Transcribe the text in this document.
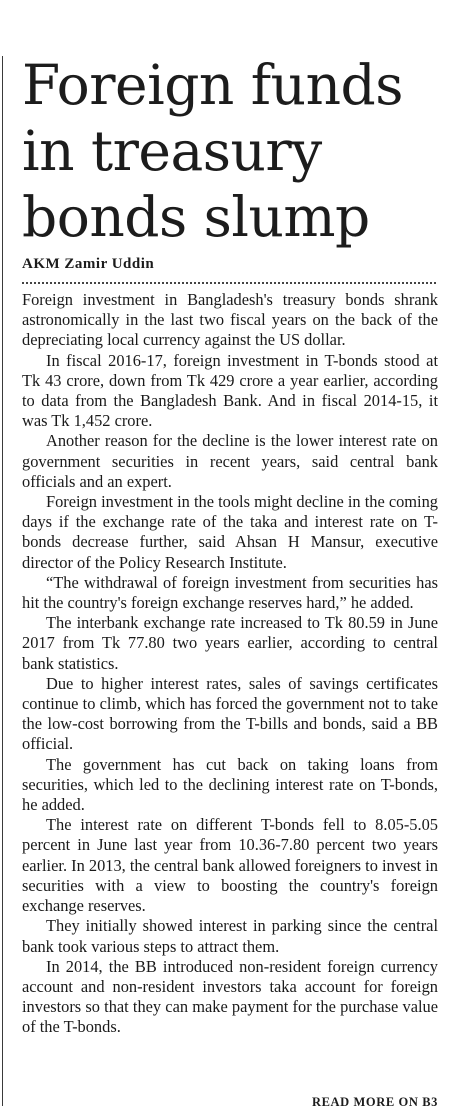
Foreign funds in treasury bonds slump
AKM Zamir Uddin

Foreign investment in Bangladesh's treasury bonds shrank astronomically in the last two fiscal years on the back of the depreciating local currency against the US dollar.

In fiscal 2016-17, foreign investment in T-bonds stood at Tk 43 crore, down from Tk 429 crore a year earlier, according to data from the Bangladesh Bank. And in fiscal 2014-15, it was Tk 1,452 crore.

Another reason for the decline is the lower interest rate on government securities in recent years, said central bank officials and an expert.

Foreign investment in the tools might decline in the coming days if the exchange rate of the taka and interest rate on T-bonds decrease further, said Ahsan H Mansur, executive director of the Policy Research Institute.

“The withdrawal of foreign investment from securities has hit the country's foreign exchange reserves hard,” he added.

The interbank exchange rate increased to Tk 80.59 in June 2017 from Tk 77.80 two years earlier, according to central bank statistics.

Due to higher interest rates, sales of savings certificates continue to climb, which has forced the government not to take the low-cost borrowing from the T-bills and bonds, said a BB official.

The government has cut back on taking loans from securities, which led to the declining interest rate on T-bonds, he added.

The interest rate on different T-bonds fell to 8.05-5.05 percent in June last year from 10.36-7.80 percent two years earlier. In 2013, the central bank allowed foreigners to invest in securities with a view to boosting the country's foreign exchange reserves.

They initially showed interest in parking since the central bank took various steps to attract them.

In 2014, the BB introduced non-resident foreign currency account and non-resident investors taka account for foreign investors so that they can make payment for the purchase value of the T-bonds.

READ MORE ON B3
